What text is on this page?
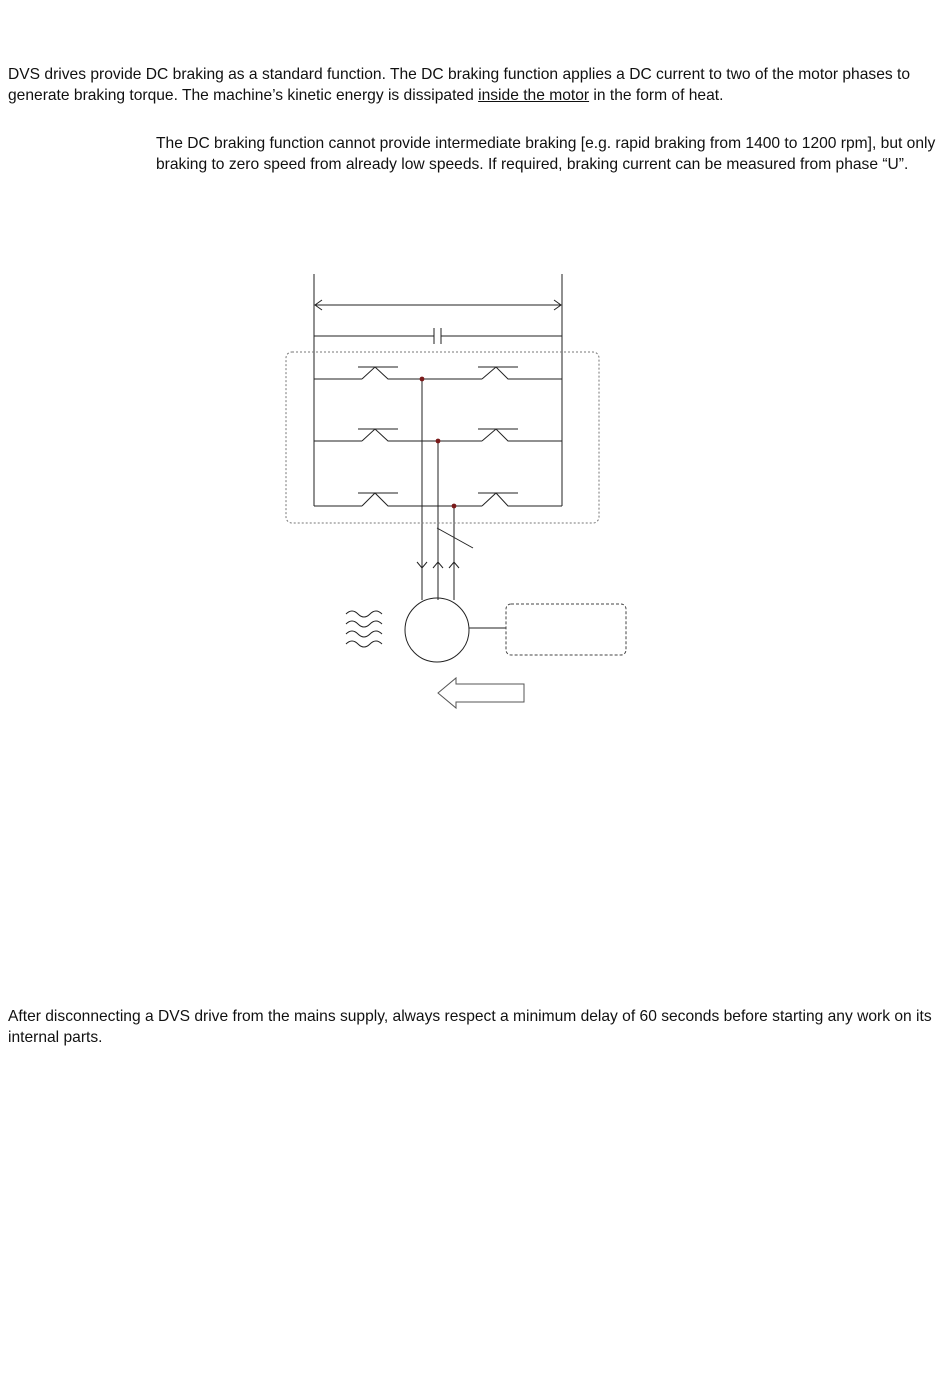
DVS drives provide DC braking as a standard function. The DC braking function applies a DC current to two of the motor phases to generate braking torque. The machine’s kinetic energy is dissipated inside the motor in the form of heat.

The DC braking function cannot provide intermediate braking [e.g. rapid braking from 1400 to 1200 rpm], but only braking to zero speed from already low speeds. If required, braking current can be measured from phase “U”.

After disconnecting a DVS drive from the mains supply, always respect a minimum delay of 60 seconds before starting any work on its internal parts.
